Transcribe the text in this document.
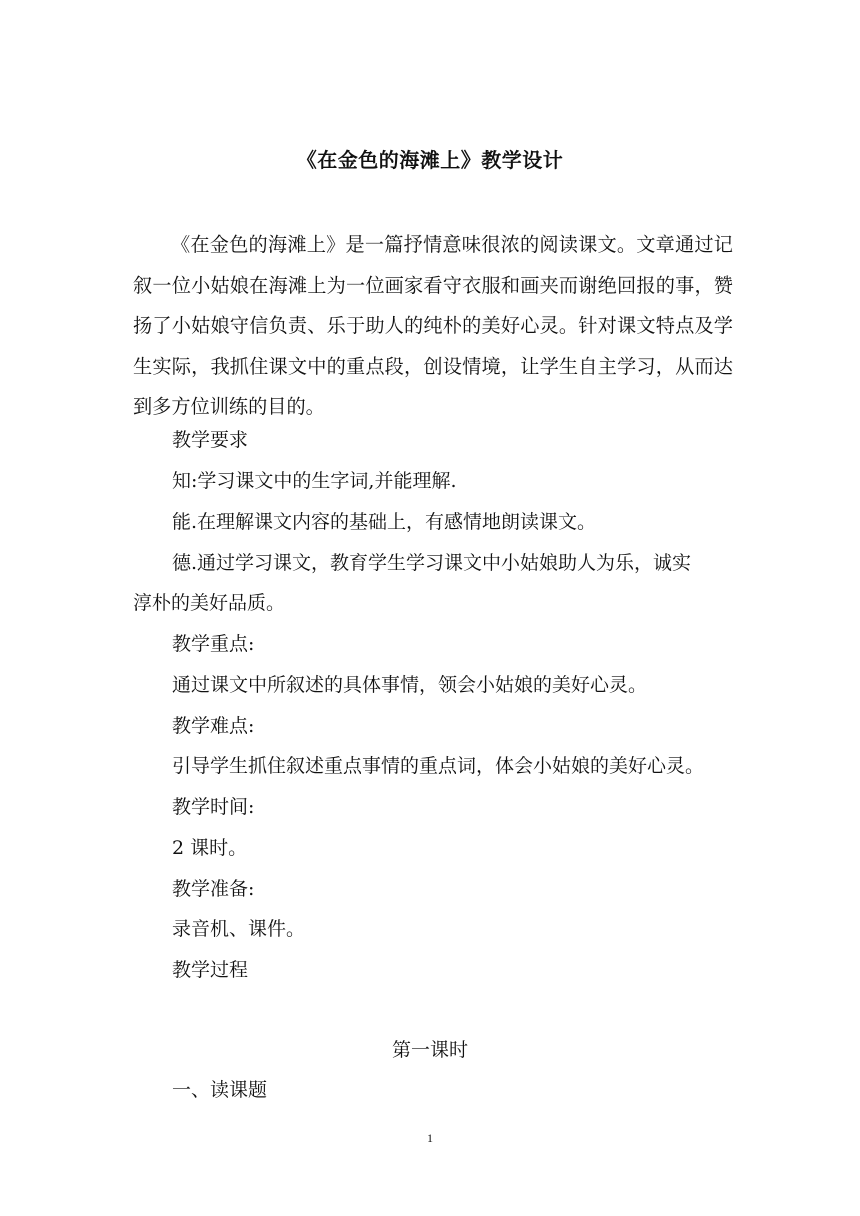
《在金色的海滩上》教学设计

《在金色的海滩上》是一篇抒情意味很浓的阅读课文。文章通过记叙一位小姑娘在海滩上为一位画家看守衣服和画夹而谢绝回报的事，赞扬了小姑娘守信负责、乐于助人的纯朴的美好心灵。针对课文特点及学生实际，我抓住课文中的重点段，创设情境，让学生自主学习，从而达到多方位训练的目的。

教学要求
知:学习课文中的生字词,并能理解.
能.在理解课文内容的基础上，有感情地朗读课文。
德.通过学习课文，教育学生学习课文中小姑娘助人为乐，诚实
淳朴的美好品质。
教学重点:
通过课文中所叙述的具体事情，领会小姑娘的美好心灵。
教学难点:
引导学生抓住叙述重点事情的重点词，体会小姑娘的美好心灵。
教学时间:
2 课时。
教学准备:
录音机、课件。
教学过程
第一课时
一、读课题
1
